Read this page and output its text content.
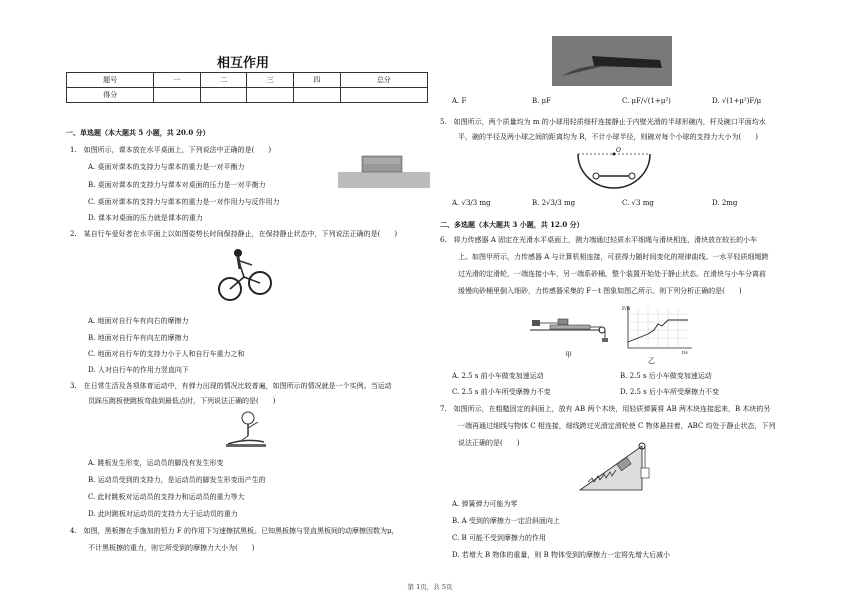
相互作用
题号	一	二	三	四	总分
得分					
一、单选题（本大题共 5 小题，共 20.0 分）
1.　如图所示，课本放在水平桌面上，下列说法中正确的是(　　)
A. 桌面对课本的支持力与课本的重力是一对平衡力
B. 桌面对课本的支持力与课本对桌面的压力是一对平衡力
C. 桌面对课本的支持力与课本的重力是一对作用力与反作用力
D. 课本对桌面的压力就是课本的重力
2.　某自行车爱好者在水平面上以如图姿势长时间保持静止，在保持静止状态中，下列说法正确的是(　　)
A. 地面对自行车有向右的摩擦力
B. 地面对自行车有向左的摩擦力
C. 地面对自行车的支持力小于人和自行车重力之和
D. 人对自行车的作用力竖直向下
3.　在日常生活及各项体育运动中，有弹力出现的情况比较普遍，如图所示的情况就是一个实例。当运动
员踩压跳板使跳板弯曲到最低点时，下列说法正确的是(　　)
A. 跳板发生形变，运动员的脚没有发生形变
B. 运动员受到的支持力，是运动员的脚发生形变而产生的
C. 此时跳板对运动员的支持力和运动员的重力等大
D. 此时跳板对运动员的支持力大于运动员的重力
4.　如图，黑板擦在手施加的恒力 F 的作用下匀速擦拭黑板。已知黑板擦与竖直黑板间的动摩擦因数为μ，
不计黑板擦的重力，则它所受到的摩擦力大小为(　　)
A. F	B. μF	C. μF/√(1+μ²)	D. √(1+μ²)F/μ
5.　如图所示，两个质量均为 m 的小球用轻质细杆连接静止于内壁光滑的半球形碗内，杆及碗口平面均水
平，碗的半径及两小球之间的距离均为 R，不计小球半径，则碗对每个小球的支持力大小为(　　)
O
A. √3/3 mg	B. 2√3/3 mg	C. √3 mg	D. 2mg
二、多选题（本大题共 3 小题，共 12.0 分）
6.　将力传感器 A 固定在光滑水平桌面上，测力端通过轻质水平细绳与滑块相连，滑块放在较长的小车
上。如图甲所示，力传感器 A 与计算机相连接，可获得力随时间变化的规律曲线。一水平轻质细绳跨
过光滑的定滑轮，一端连接小车，另一端系砂桶，整个装置开始处于静止状态。在滑块与小车分离前
缓慢向砂桶里倒入细砂，力传感器采集的 F－t 图象如图乙所示。则下列分析正确的是(　　)
甲
F/N
t/s
乙
A. 2.5 s 前小车做变加速运动	B. 2.5 s 后小车做变加速运动
C. 2.5 s 前小车所受摩擦力不变	D. 2.5 s 后小车所受摩擦力不变
7.　如图所示，在粗糙固定的斜面上，放有 AB 两个木块，用轻质弹簧将 AB 两木块连接起来，B 木块的另
一端再通过细线与物体 C 相连接，细线跨过光滑定滑轮使 C 物体悬挂着，ABC 均处于静止状态，下列
说法正确的是(　　)
A. 弹簧弹力可能为零
B. A 受到的摩擦力一定沿斜面向上
C. B 可能不受到摩擦力的作用
D. 若增大 B 物体的重量，则 B 物体受到的摩擦力一定将先增大后减小
第 1页，共 5页
